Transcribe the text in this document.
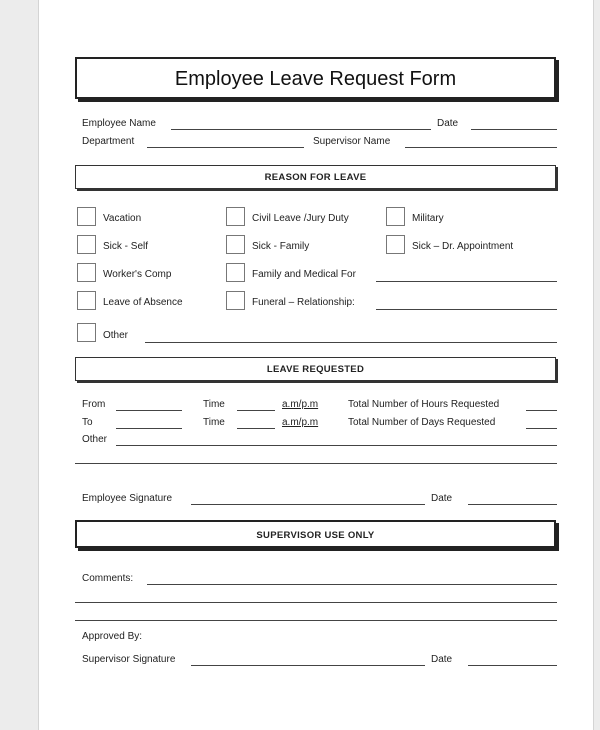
Employee Leave Request Form
Employee Name	Date
Department	Supervisor Name
REASON FOR LEAVE
Vacation	Civil Leave /Jury Duty	Military
Sick - Self	Sick - Family	Sick – Dr. Appointment
Worker's Comp	Family and Medical For
Leave of Absence	Funeral – Relationship:
Other
LEAVE REQUESTED
From	Time	a.m/p.m	Total Number of Hours Requested
To	Time	a.m/p.m	Total Number of Days Requested
Other
Employee Signature	Date
SUPERVISOR USE ONLY
Comments:
Approved By:
Supervisor Signature	Date
